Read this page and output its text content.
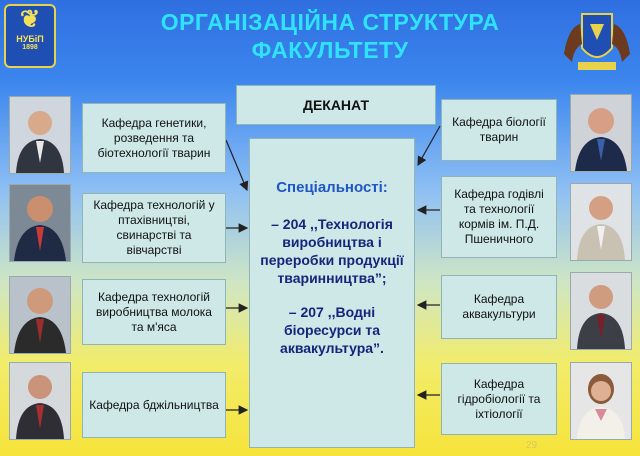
❦
НУБіП
1898
ОРГАНІЗАЦІЙНА СТРУКТУРА
ФАКУЛЬТЕТУ
ДЕКАНАТ
Спеціальності:
– 204 ,,Технологія виробництва і переробки продукції тваринництва”;
– 207 ,,Водні біоресурси та аквакультура”.
Кафедра генетики, розведення та біотехнології тварин
Кафедра технологій у птахівництві, свинарстві та вівчарстві
Кафедра технологій виробництва молока та м'яса
Кафедра бджільництва
Кафедра біології тварин
Кафедра годівлі та технології кормів ім. П.Д. Пшеничного
Кафедра аквакультури
Кафедра гідробіології та іхтіології
29
